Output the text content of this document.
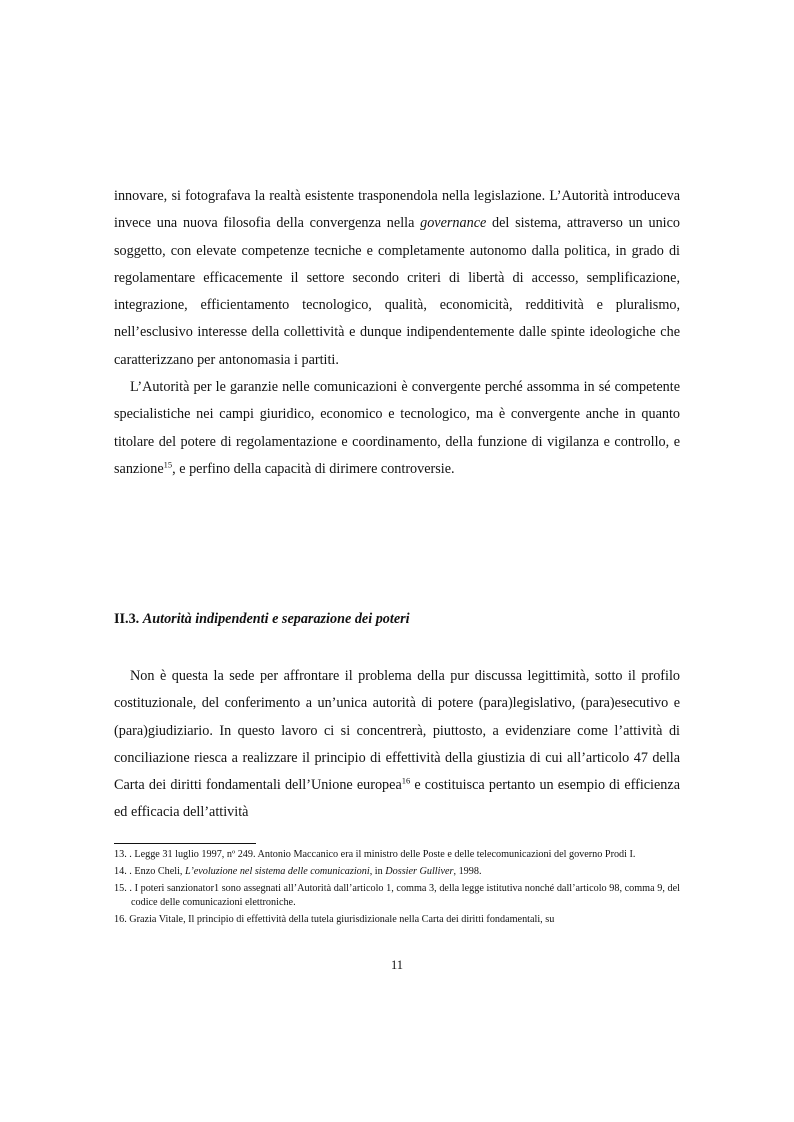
innovare, si fotografava la realtà esistente trasponendola nella legislazione. L’Autorità introduceva invece una nuova filosofia della convergenza nella governance del sistema, attraverso un unico soggetto, con elevate competenze tecniche e completamente autonomo dalla politica, in grado di regolamentare efficacemente il settore secondo criteri di libertà di accesso, semplificazione, integrazione, efficientamento tecnologico, qualità, economicità, redditività e pluralismo, nell’esclusivo interesse della collettività e dunque indipendentemente dalle spinte ideologiche che caratterizzano per antonomasia i partiti.

L’Autorità per le garanzie nelle comunicazioni è convergente perché assomma in sé competente specialistiche nei campi giuridico, economico e tecnologico, ma è convergente anche in quanto titolare del potere di regolamentazione e coordinamento, della funzione di vigilanza e controllo, e sanzione$^{15}$, e perfino della capacità di dirimere controversie.

II.3. Autorità indipendenti e separazione dei poteri

Non è questa la sede per affrontare il problema della pur discussa legittimità, sotto il profilo costituzionale, del conferimento a un’unica autorità di potere (para)legislativo, (para)esecutivo e (para)giudiziario. In questo lavoro ci si concentrerà, piuttosto, a evidenziare come l’attività di conciliazione riesca a realizzare il principio di effettività della giustizia di cui all’articolo 47 della Carta dei diritti fondamentali dell’Unione europea$^{16}$ e costituisca pertanto un esempio di efficienza ed efficacia dell’attività

13. . Legge 31 luglio 1997, nº 249. Antonio Maccanico era il ministro delle Poste e delle telecomunicazioni del governo Prodi I.

14. . Enzo Cheli, L’evoluzione nel sistema delle comunicazioni, in Dossier Gulliver, 1998.

15. . I poteri sanzionator1 sono assegnati all’Autorità dall’articolo 1, comma 3, della legge istitutiva nonché dall’articolo 98, comma 9, del codice delle comunicazioni elettroniche.

16. Grazia Vitale, Il principio di effettività della tutela giurisdizionale nella Carta dei diritti fondamentali, su

11
